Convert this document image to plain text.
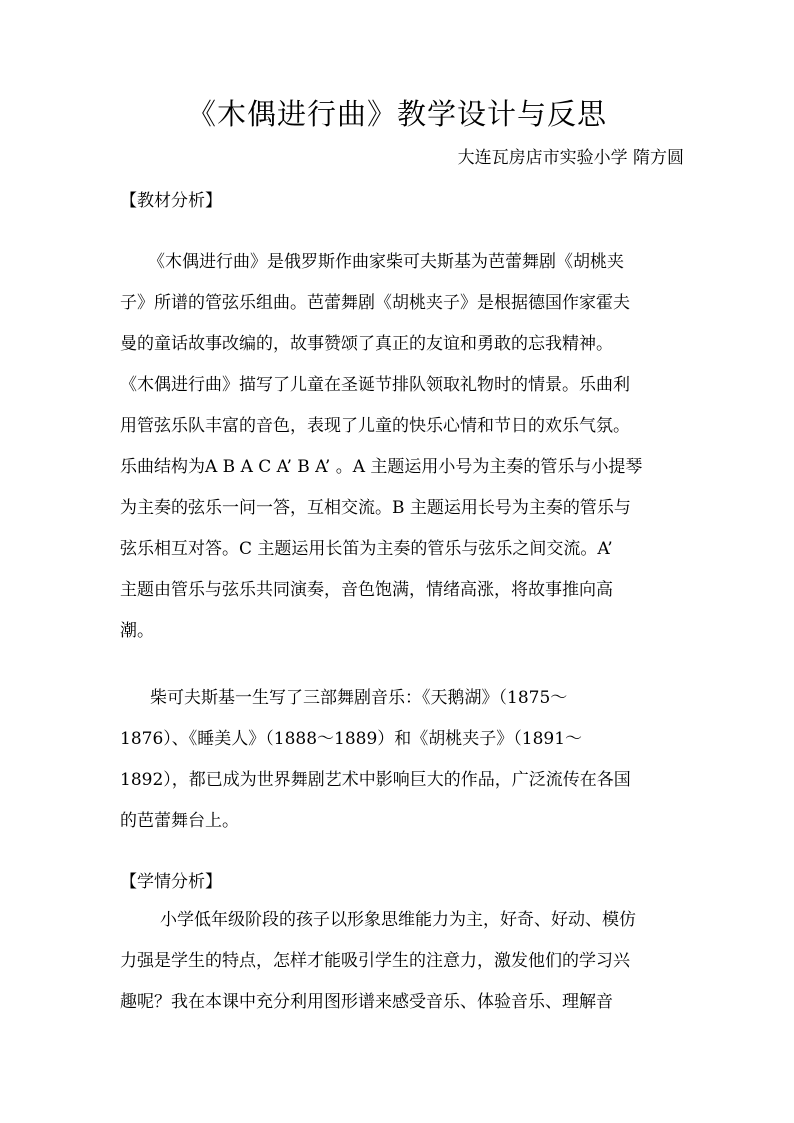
《木偶进行曲》教学设计与反思
大连瓦房店市实验小学 隋方圆
【教材分析】
《木偶进行曲》是俄罗斯作曲家柴可夫斯基为芭蕾舞剧《胡桃夹
子》所谱的管弦乐组曲。芭蕾舞剧《胡桃夹子》是根据德国作家霍夫
曼的童话故事改编的，故事赞颂了真正的友谊和勇敢的忘我精神。
《木偶进行曲》描写了儿童在圣诞节排队领取礼物时的情景。乐曲利
用管弦乐队丰富的音色，表现了儿童的快乐心情和节日的欢乐气氛。
乐曲结构为A B A C A’ B A’ 。A 主题运用小号为主奏的管乐与小提琴
为主奏的弦乐一问一答，互相交流。B 主题运用长号为主奏的管乐与
弦乐相互对答。C 主题运用长笛为主奏的管乐与弦乐之间交流。A’
主题由管乐与弦乐共同演奏，音色饱满，情绪高涨，将故事推向高
潮。
柴可夫斯基一生写了三部舞剧音乐：《天鹅湖》（1875～
1876）、《睡美人》（1888～1889）和《胡桃夹子》（1891～
1892），都已成为世界舞剧艺术中影响巨大的作品，广泛流传在各国
的芭蕾舞台上。
【学情分析】
小学低年级阶段的孩子以形象思维能力为主，好奇、好动、模仿
力强是学生的特点，怎样才能吸引学生的注意力，激发他们的学习兴
趣呢？我在本课中充分利用图形谱来感受音乐、体验音乐、理解音
